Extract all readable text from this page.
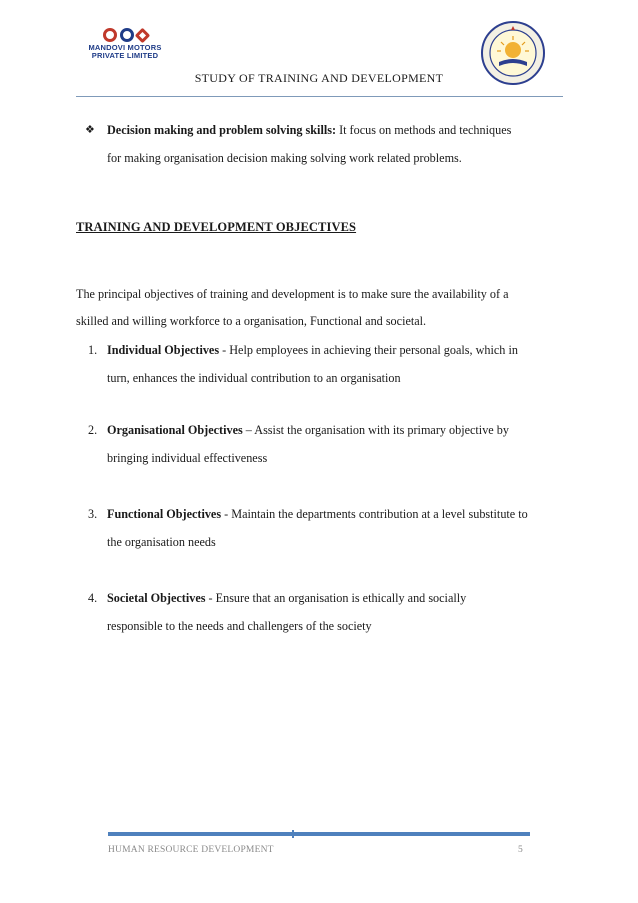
MANDOVI MOTORS
PRIVATE LIMITED
STUDY OF TRAINING AND DEVELOPMENT
❖ Decision making and problem solving skills: It focus on methods and techniques
for making organisation decision making solving work related problems.
TRAINING AND DEVELOPMENT OBJECTIVES
The principal objectives of training and development is to make sure the availability of a
skilled and willing workforce to a organisation, Functional and societal.
1. Individual Objectives - Help employees in achieving their personal goals, which in
turn, enhances the individual contribution to an organisation
2. Organisational Objectives – Assist the organisation with its primary objective by
bringing individual effectiveness
3. Functional Objectives - Maintain the departments contribution at a level substitute to
the organisation needs
4. Societal Objectives - Ensure that an organisation is ethically and socially
responsible to the needs and challengers of the society
HUMAN RESOURCE DEVELOPMENT	5
